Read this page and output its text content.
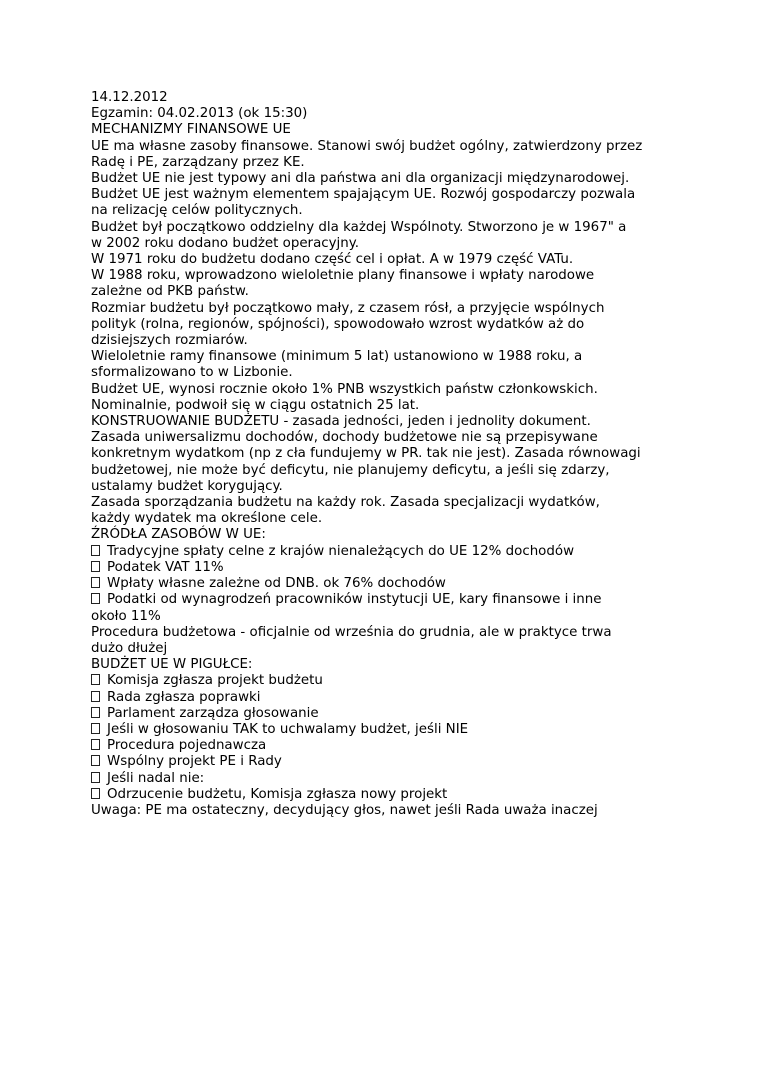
14.12.2012
Egzamin: 04.02.2013 (ok 15:30)
MECHANIZMY FINANSOWE UE
UE ma własne zasoby finansowe. Stanowi swój budżet ogólny, zatwierdzony przez
Radę i PE, zarządzany przez KE.
Budżet UE nie jest typowy ani dla państwa ani dla organizacji międzynarodowej.
Budżet UE jest ważnym elementem spajającym UE. Rozwój gospodarczy pozwala
na relizację celów politycznych.
Budżet był początkowo oddzielny dla każdej Wspólnoty. Stworzono je w 1967" a
w 2002 roku dodano budżet operacyjny.
W 1971 roku do budżetu dodano część cel i opłat. A w 1979 część VATu.
W 1988 roku, wprowadzono wieloletnie plany finansowe i wpłaty narodowe
zależne od PKB państw.
Rozmiar budżetu był początkowo mały, z czasem rósł, a przyjęcie wspólnych
polityk (rolna, regionów, spójności), spowodowało wzrost wydatków aż do
dzisiejszych rozmiarów.
Wieloletnie ramy finansowe (minimum 5 lat) ustanowiono w 1988 roku, a
sformalizowano to w Lizbonie.
Budżet UE, wynosi rocznie około 1% PNB wszystkich państw członkowskich.
Nominalnie, podwoił się w ciągu ostatnich 25 lat.
KONSTRUOWANIE BUDŻETU - zasada jedności, jeden i jednolity dokument.
Zasada uniwersalizmu dochodów, dochody budżetowe nie są przepisywane
konkretnym wydatkom (np z cła fundujemy w PR. tak nie jest). Zasada równowagi
budżetowej, nie może być deficytu, nie planujemy deficytu, a jeśli się zdarzy,
ustalamy budżet korygujący.
Zasada sporządzania budżetu na każdy rok. Zasada specjalizacji wydatków,
każdy wydatek ma określone cele.
ŹRÓDŁA ZASOBÓW W UE:
Tradycyjne spłaty celne z krajów nienależących do UE 12% dochodów
Podatek VAT 11%
Wpłaty własne zależne od DNB. ok 76% dochodów
Podatki od wynagrodzeń pracowników instytucji UE, kary finansowe i inne
około 11%
Procedura budżetowa - oficjalnie od września do grudnia, ale w praktyce trwa
dużo dłużej
BUDŻET UE W PIGUŁCE:
Komisja zgłasza projekt budżetu
Rada zgłasza poprawki
Parlament zarządza głosowanie
Jeśli w głosowaniu TAK to uchwalamy budżet, jeśli NIE
Procedura pojednawcza
Wspólny projekt PE i Rady
Jeśli nadal nie:
Odrzucenie budżetu, Komisja zgłasza nowy projekt
Uwaga: PE ma ostateczny, decydujący głos, nawet jeśli Rada uważa inaczej
